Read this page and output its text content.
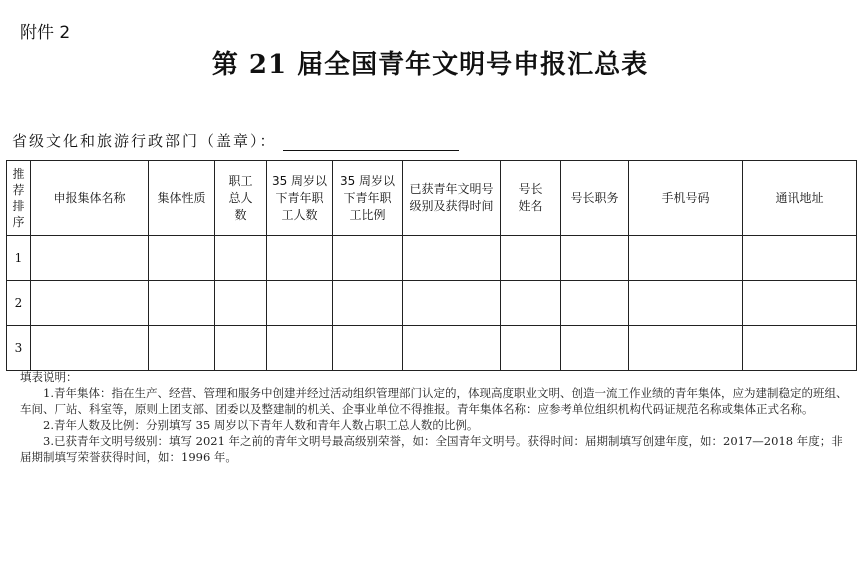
附件 2
第 21 届全国青年文明号申报汇总表
省级文化和旅游行政部门（盖章）：
推荐排序	申报集体名称	集体性质	职工总人数	35 周岁以下青年职工人数	35 周岁以下青年职工比例	已获青年文明号级别及获得时间	号长姓名	号长职务	手机号码	通讯地址
1										
2										
3										

填表说明：

1.青年集体：指在生产、经营、管理和服务中创建并经过活动组织管理部门认定的，体现高度职业文明、创造一流工作业绩的青年集体，应为建制稳定的班组、车间、厂站、科室等，原则上团支部、团委以及整建制的机关、企事业单位不得推报。青年集体名称：应参考单位组织机构代码证规范名称或集体正式名称。

2.青年人数及比例：分别填写 35 周岁以下青年人数和青年人数占职工总人数的比例。

3.已获青年文明号级别：填写 2021 年之前的青年文明号最高级别荣誉，如：全国青年文明号。获得时间：届期制填写创建年度，如：2017—2018 年度；非届期制填写荣誉获得时间，如：1996 年。
